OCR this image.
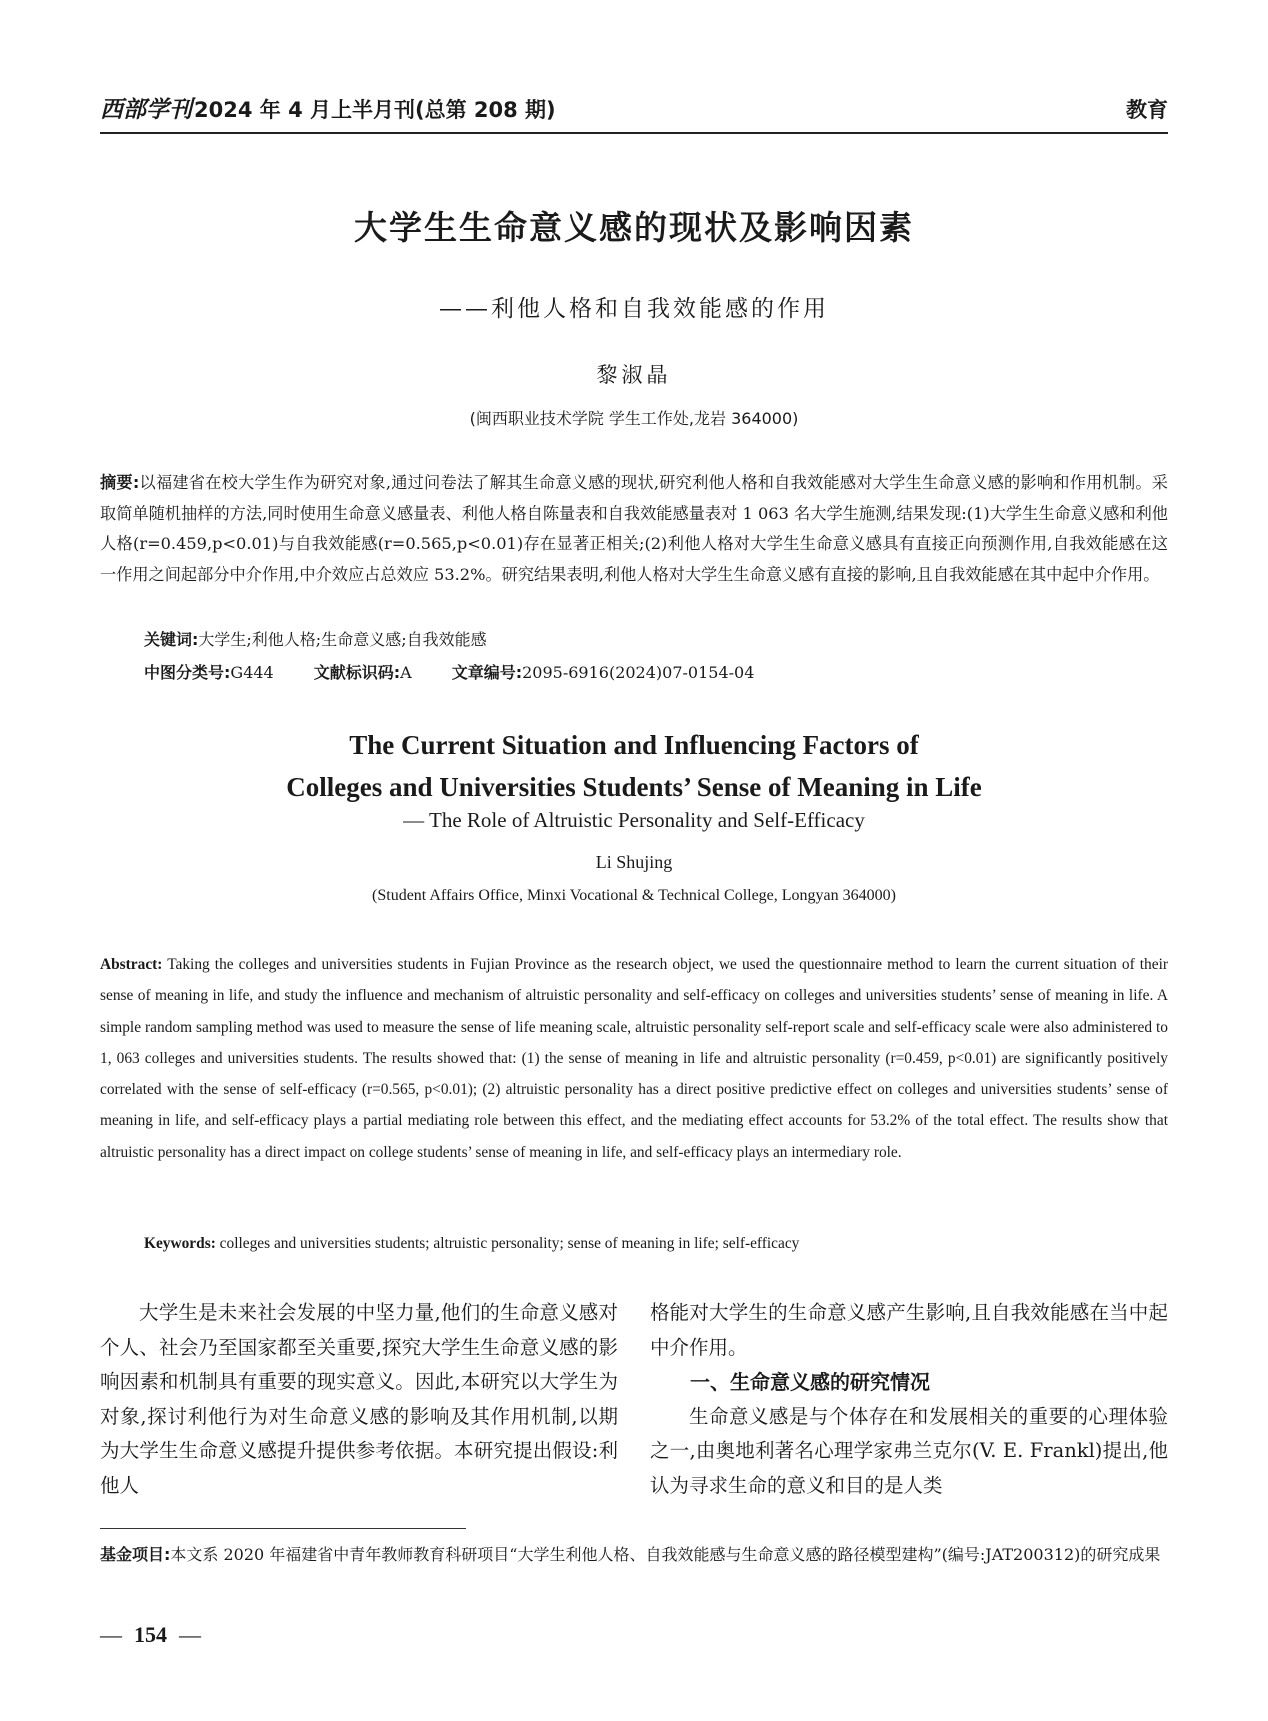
西部学刊 2024 年 4 月上半月刊(总第 208 期)	教育
大学生生命意义感的现状及影响因素
——利他人格和自我效能感的作用
黎淑晶
(闽西职业技术学院 学生工作处,龙岩 364000)
摘要:以福建省在校大学生作为研究对象,通过问卷法了解其生命意义感的现状,研究利他人格和自我效能感对大学生生命意义感的影响和作用机制。采取简单随机抽样的方法,同时使用生命意义感量表、利他人格自陈量表和自我效能感量表对 1 063 名大学生施测,结果发现:(1)大学生生命意义感和利他人格(r=0.459,p<0.01)与自我效能感(r=0.565,p<0.01)存在显著正相关;(2)利他人格对大学生生命意义感具有直接正向预测作用,自我效能感在这一作用之间起部分中介作用,中介效应占总效应 53.2%。研究结果表明,利他人格对大学生生命意义感有直接的影响,且自我效能感在其中起中介作用。
关键词:大学生;利他人格;生命意义感;自我效能感
中图分类号:G444	文献标识码:A	文章编号:2095-6916(2024)07-0154-04
The Current Situation and Influencing Factors of
Colleges and Universities Students’ Sense of Meaning in Life
— The Role of Altruistic Personality and Self-Efficacy
Li Shujing
(Student Affairs Office, Minxi Vocational & Technical College, Longyan 364000)
Abstract: Taking the colleges and universities students in Fujian Province as the research object, we used the questionnaire method to learn the current situation of their sense of meaning in life, and study the influence and mechanism of altruistic personality and self-efficacy on colleges and universities students’ sense of meaning in life. A simple random sampling method was used to measure the sense of life meaning scale, altruistic personality self-report scale and self-efficacy scale were also administered to 1, 063 colleges and universities students. The results showed that: (1) the sense of meaning in life and altruistic personality (r=0.459, p<0.01) are significantly positively correlated with the sense of self-efficacy (r=0.565, p<0.01); (2) altruistic personality has a direct positive predictive effect on colleges and universities students’ sense of meaning in life, and self-efficacy plays a partial mediating role between this effect, and the mediating effect accounts for 53.2% of the total effect. The results show that altruistic personality has a direct impact on college students’ sense of meaning in life, and self-efficacy plays an intermediary role.
Keywords: colleges and universities students; altruistic personality; sense of meaning in life; self-efficacy

大学生是未来社会发展的中坚力量,他们的生命意义感对个人、社会乃至国家都至关重要,探究大学生生命意义感的影响因素和机制具有重要的现实意义。因此,本研究以大学生为对象,探讨利他行为对生命意义感的影响及其作用机制,以期为大学生生命意义感提升提供参考依据。本研究提出假设:利他人

格能对大学生的生命意义感产生影响,且自我效能感在当中起中介作用。

一、生命意义感的研究情况

生命意义感是与个体存在和发展相关的重要的心理体验之一,由奥地利著名心理学家弗兰克尔(V. E. Frankl)提出,他认为寻求生命的意义和目的是人类

基金项目:本文系 2020 年福建省中青年教师教育科研项目“大学生利他人格、自我效能感与生命意义感的路径模型建构”(编号:JAT200312)的研究成果
— 154 —
